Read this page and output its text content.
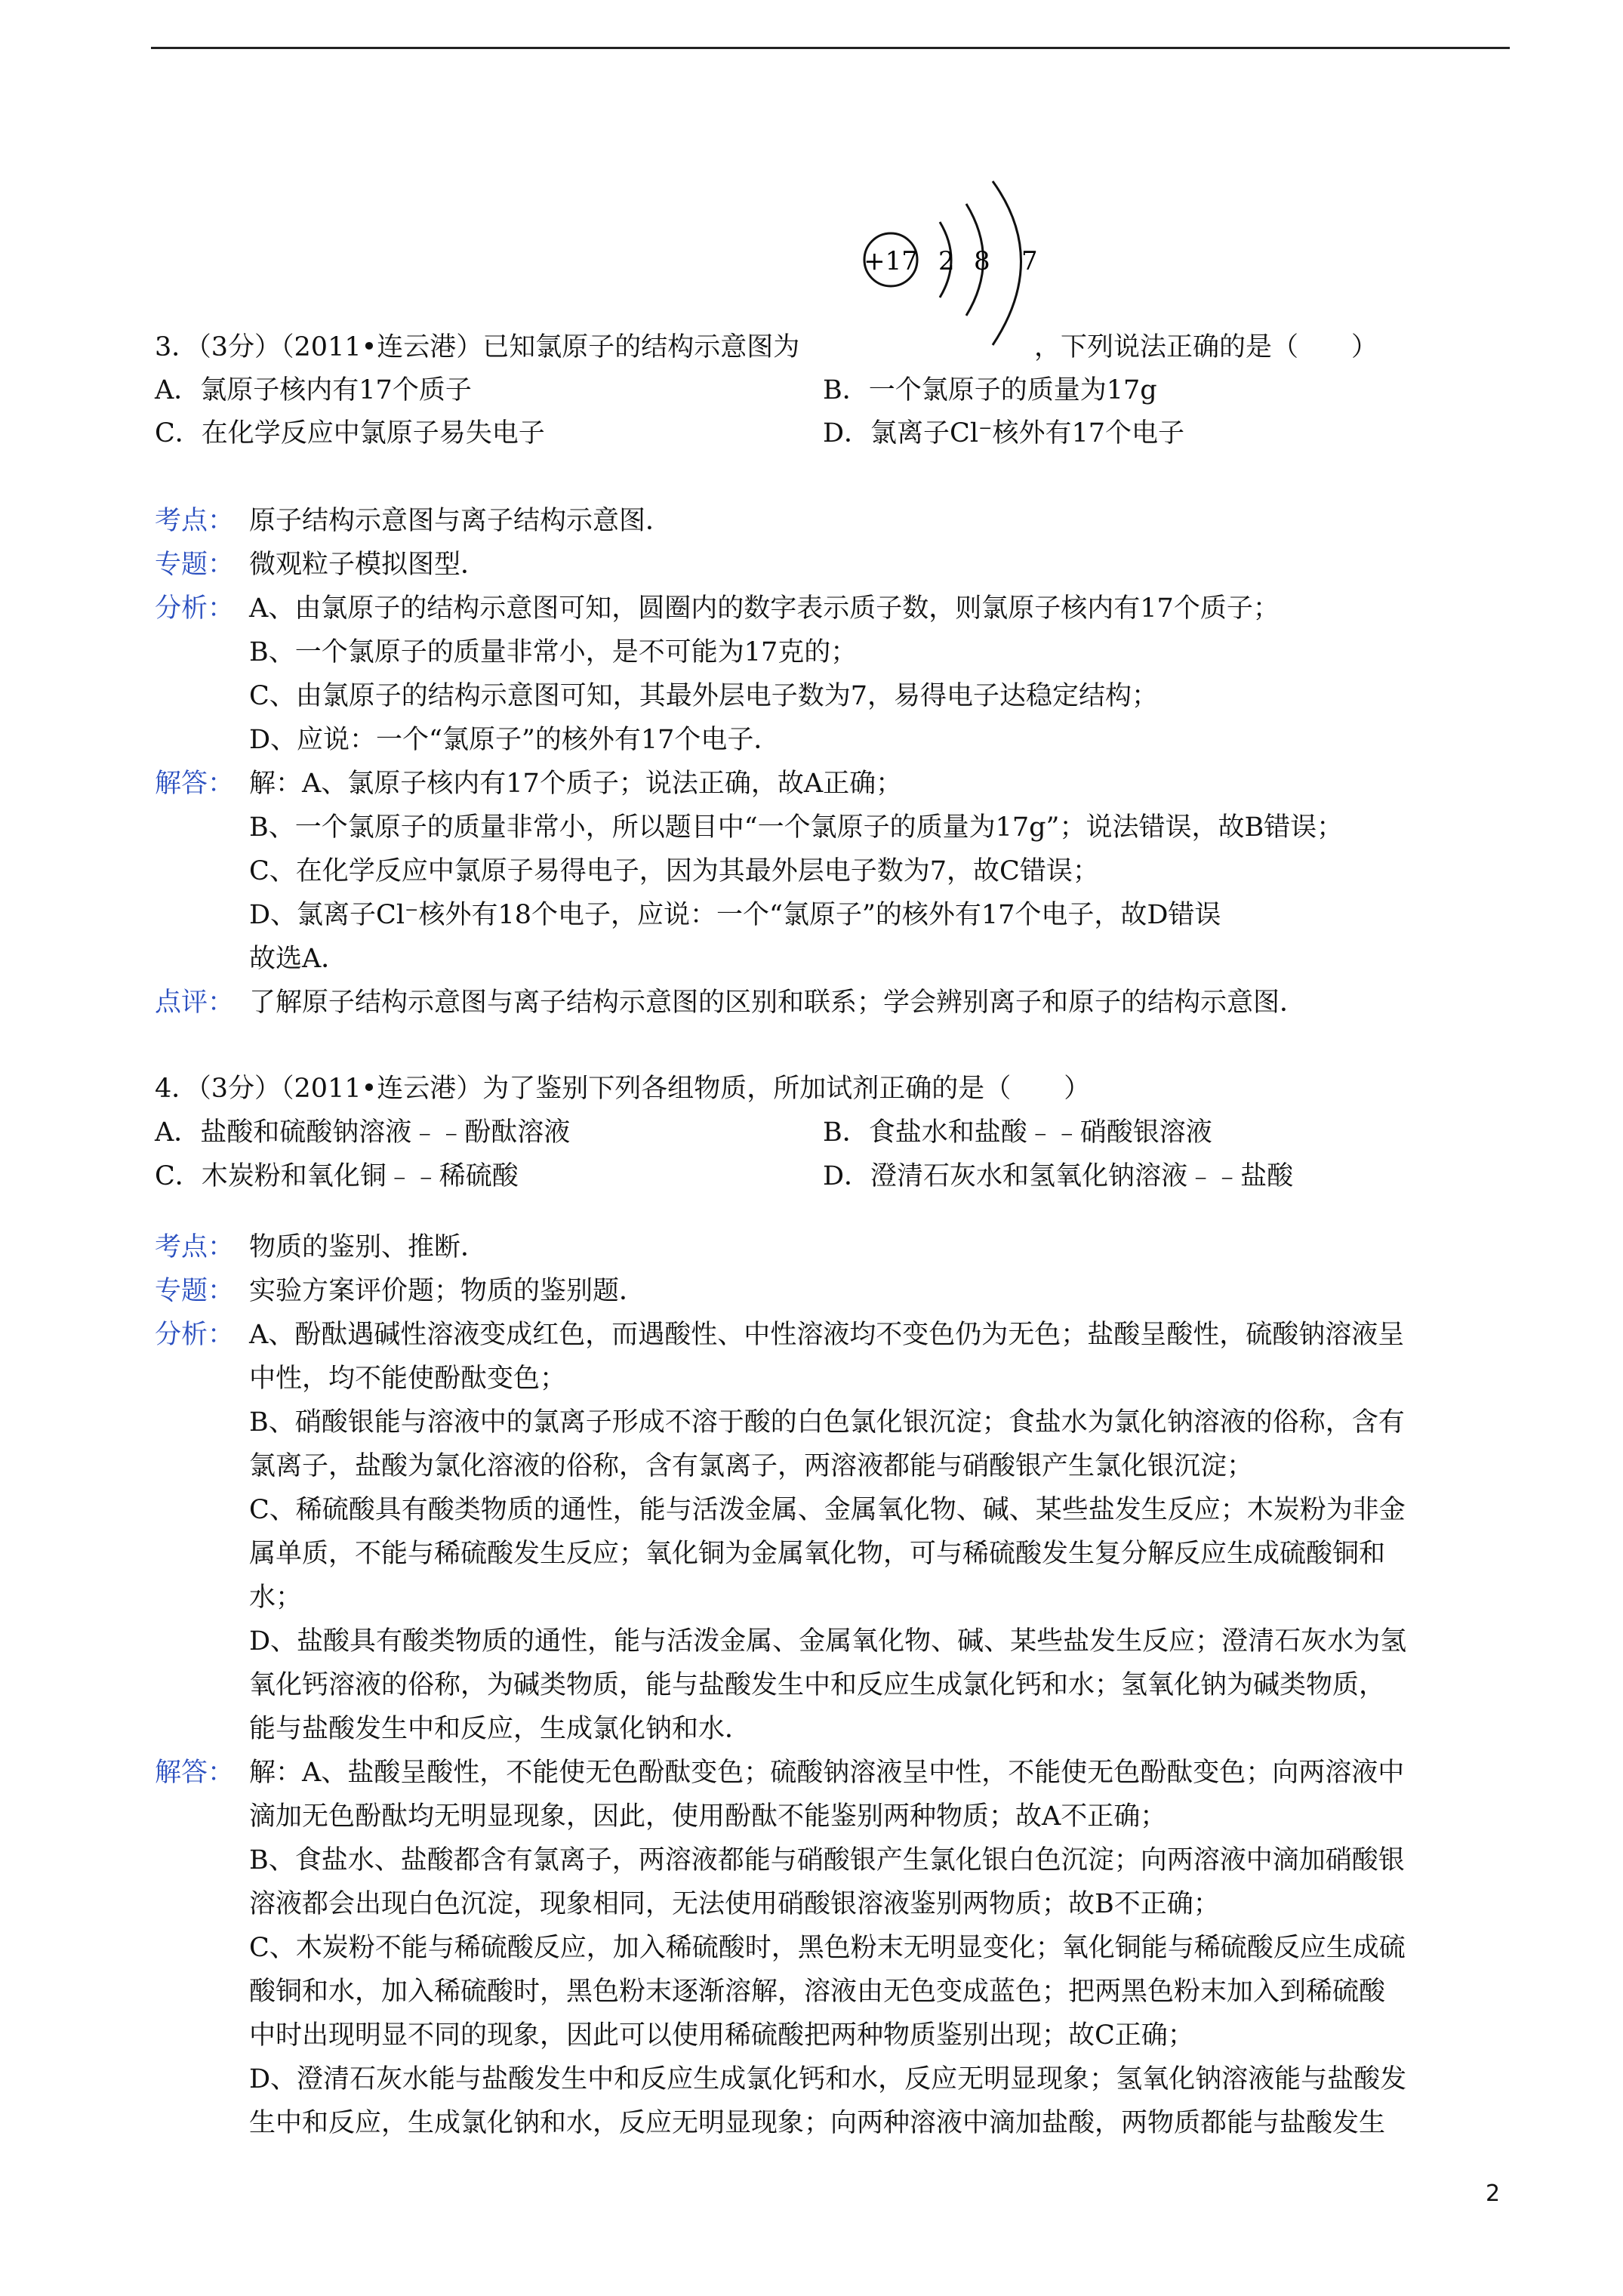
+17 2 8 7
3．（3分）（2011•连云港）已知氯原子的结构示意图为	，下列说法正确的是（　　）
A．氯原子核内有17个质子	B．一个氯原子的质量为17g
C．在化学反应中氯原子易失电子	D．氯离子Cl⁻核外有17个电子
考点： 原子结构示意图与离子结构示意图．
专题： 微观粒子模拟图型．
分析： A、由氯原子的结构示意图可知，圆圈内的数字表示质子数，则氯原子核内有17个质子；
B、一个氯原子的质量非常小，是不可能为17克的；
C、由氯原子的结构示意图可知，其最外层电子数为7，易得电子达稳定结构；
D、应说：一个“氯原子”的核外有17个电子．
解答： 解：A、氯原子核内有17个质子；说法正确，故A正确；
B、一个氯原子的质量非常小，所以题目中“一个氯原子的质量为17g”；说法错误，故B错误；
C、在化学反应中氯原子易得电子，因为其最外层电子数为7，故C错误；
D、氯离子Cl⁻核外有18个电子，应说：一个“氯原子”的核外有17个电子，故D错误
故选A．
点评： 了解原子结构示意图与离子结构示意图的区别和联系；学会辨别离子和原子的结构示意图．
4．（3分）（2011•连云港）为了鉴别下列各组物质，所加试剂正确的是（　　）
A．盐酸和硫酸钠溶液﹣﹣酚酞溶液	B．食盐水和盐酸﹣﹣硝酸银溶液
C．木炭粉和氧化铜﹣﹣稀硫酸	D．澄清石灰水和氢氧化钠溶液﹣﹣盐酸
考点： 物质的鉴别、推断．
专题： 实验方案评价题；物质的鉴别题．
分析： A、酚酞遇碱性溶液变成红色，而遇酸性、中性溶液均不变色仍为无色；盐酸呈酸性，硫酸钠溶液呈
中性，均不能使酚酞变色；
B、硝酸银能与溶液中的氯离子形成不溶于酸的白色氯化银沉淀；食盐水为氯化钠溶液的俗称，含有
氯离子，盐酸为氯化溶液的俗称，含有氯离子，两溶液都能与硝酸银产生氯化银沉淀；
C、稀硫酸具有酸类物质的通性，能与活泼金属、金属氧化物、碱、某些盐发生反应；木炭粉为非金
属单质，不能与稀硫酸发生反应；氧化铜为金属氧化物，可与稀硫酸发生复分解反应生成硫酸铜和
水；
D、盐酸具有酸类物质的通性，能与活泼金属、金属氧化物、碱、某些盐发生反应；澄清石灰水为氢
氧化钙溶液的俗称，为碱类物质，能与盐酸发生中和反应生成氯化钙和水；氢氧化钠为碱类物质，
能与盐酸发生中和反应，生成氯化钠和水．
解答： 解：A、盐酸呈酸性，不能使无色酚酞变色；硫酸钠溶液呈中性，不能使无色酚酞变色；向两溶液中
滴加无色酚酞均无明显现象，因此，使用酚酞不能鉴别两种物质；故A不正确；
B、食盐水、盐酸都含有氯离子，两溶液都能与硝酸银产生氯化银白色沉淀；向两溶液中滴加硝酸银
溶液都会出现白色沉淀，现象相同，无法使用硝酸银溶液鉴别两物质；故B不正确；
C、木炭粉不能与稀硫酸反应，加入稀硫酸时，黑色粉末无明显变化；氧化铜能与稀硫酸反应生成硫
酸铜和水，加入稀硫酸时，黑色粉末逐渐溶解，溶液由无色变成蓝色；把两黑色粉末加入到稀硫酸
中时出现明显不同的现象，因此可以使用稀硫酸把两种物质鉴别出现；故C正确；
D、澄清石灰水能与盐酸发生中和反应生成氯化钙和水，反应无明显现象；氢氧化钠溶液能与盐酸发
生中和反应，生成氯化钠和水，反应无明显现象；向两种溶液中滴加盐酸，两物质都能与盐酸发生
2
